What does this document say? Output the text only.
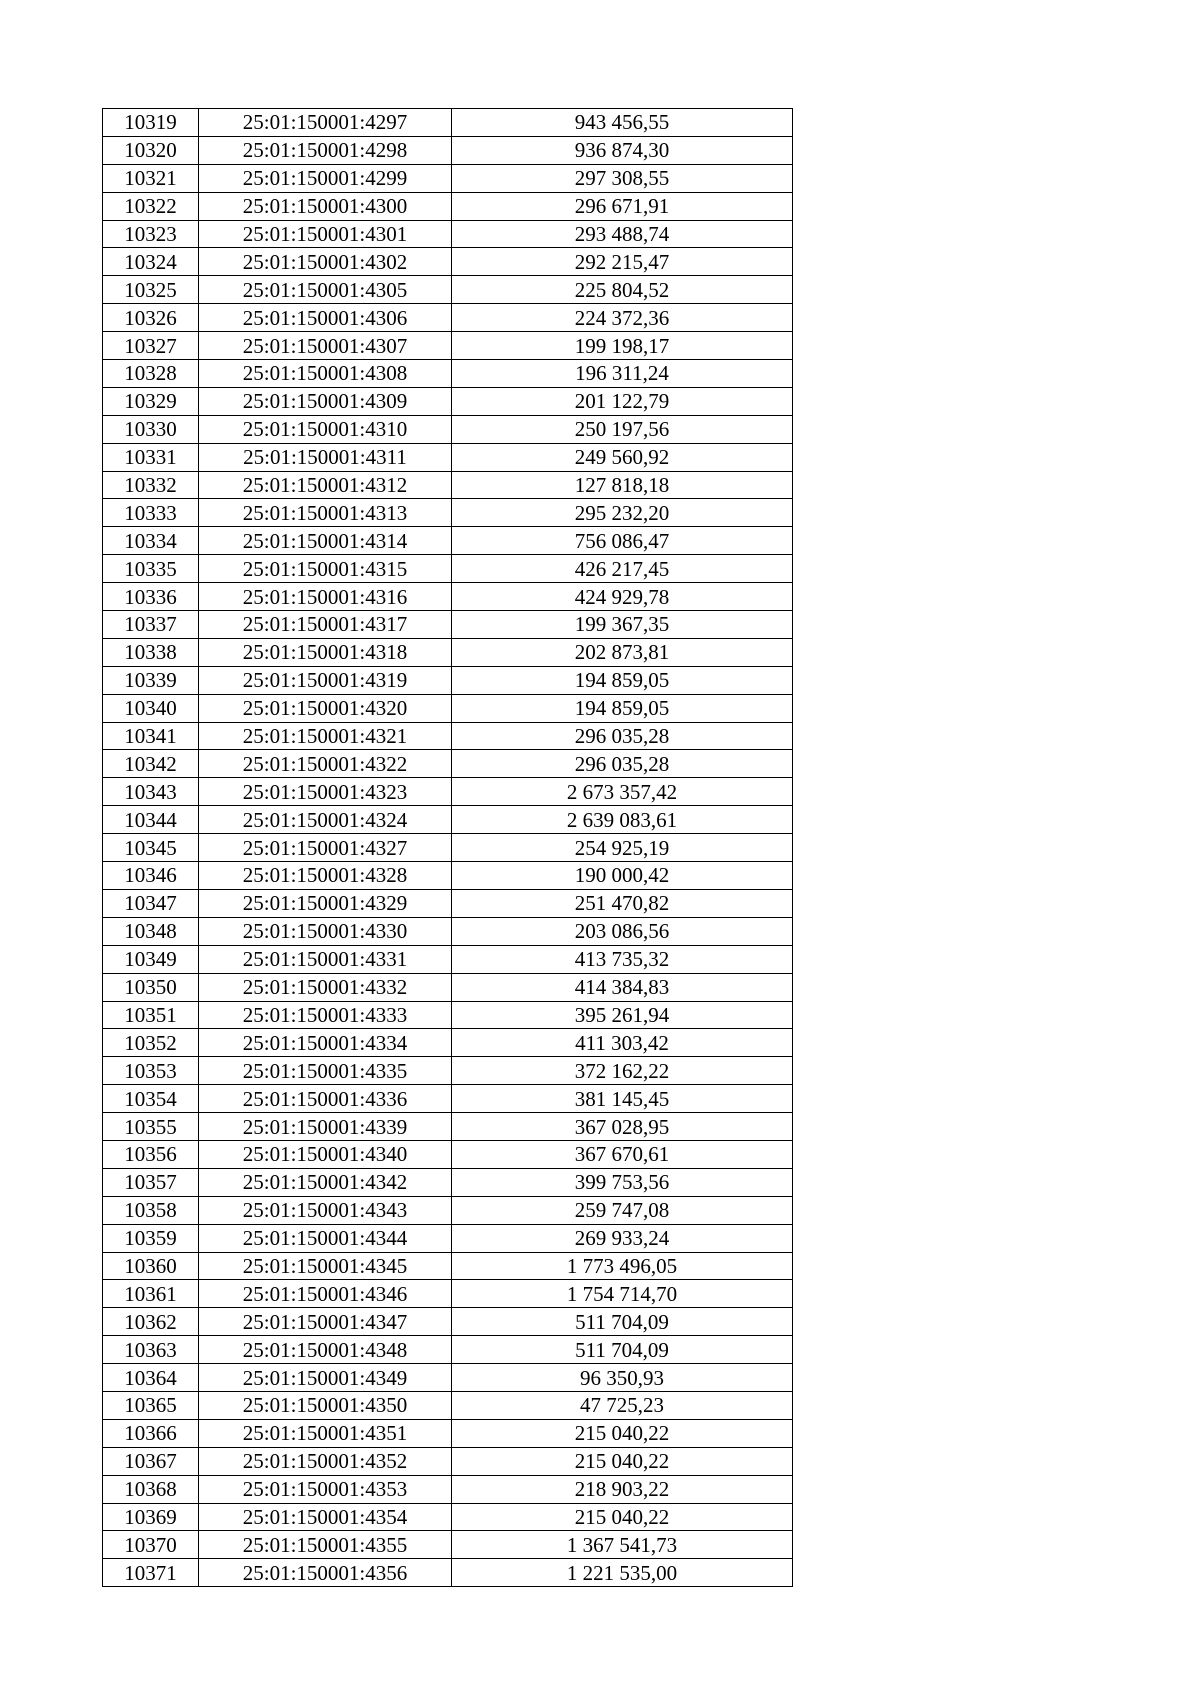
10319	25:01:150001:4297	943 456,55
10320	25:01:150001:4298	936 874,30
10321	25:01:150001:4299	297 308,55
10322	25:01:150001:4300	296 671,91
10323	25:01:150001:4301	293 488,74
10324	25:01:150001:4302	292 215,47
10325	25:01:150001:4305	225 804,52
10326	25:01:150001:4306	224 372,36
10327	25:01:150001:4307	199 198,17
10328	25:01:150001:4308	196 311,24
10329	25:01:150001:4309	201 122,79
10330	25:01:150001:4310	250 197,56
10331	25:01:150001:4311	249 560,92
10332	25:01:150001:4312	127 818,18
10333	25:01:150001:4313	295 232,20
10334	25:01:150001:4314	756 086,47
10335	25:01:150001:4315	426 217,45
10336	25:01:150001:4316	424 929,78
10337	25:01:150001:4317	199 367,35
10338	25:01:150001:4318	202 873,81
10339	25:01:150001:4319	194 859,05
10340	25:01:150001:4320	194 859,05
10341	25:01:150001:4321	296 035,28
10342	25:01:150001:4322	296 035,28
10343	25:01:150001:4323	2 673 357,42
10344	25:01:150001:4324	2 639 083,61
10345	25:01:150001:4327	254 925,19
10346	25:01:150001:4328	190 000,42
10347	25:01:150001:4329	251 470,82
10348	25:01:150001:4330	203 086,56
10349	25:01:150001:4331	413 735,32
10350	25:01:150001:4332	414 384,83
10351	25:01:150001:4333	395 261,94
10352	25:01:150001:4334	411 303,42
10353	25:01:150001:4335	372 162,22
10354	25:01:150001:4336	381 145,45
10355	25:01:150001:4339	367 028,95
10356	25:01:150001:4340	367 670,61
10357	25:01:150001:4342	399 753,56
10358	25:01:150001:4343	259 747,08
10359	25:01:150001:4344	269 933,24
10360	25:01:150001:4345	1 773 496,05
10361	25:01:150001:4346	1 754 714,70
10362	25:01:150001:4347	511 704,09
10363	25:01:150001:4348	511 704,09
10364	25:01:150001:4349	96 350,93
10365	25:01:150001:4350	47 725,23
10366	25:01:150001:4351	215 040,22
10367	25:01:150001:4352	215 040,22
10368	25:01:150001:4353	218 903,22
10369	25:01:150001:4354	215 040,22
10370	25:01:150001:4355	1 367 541,73
10371	25:01:150001:4356	1 221 535,00
